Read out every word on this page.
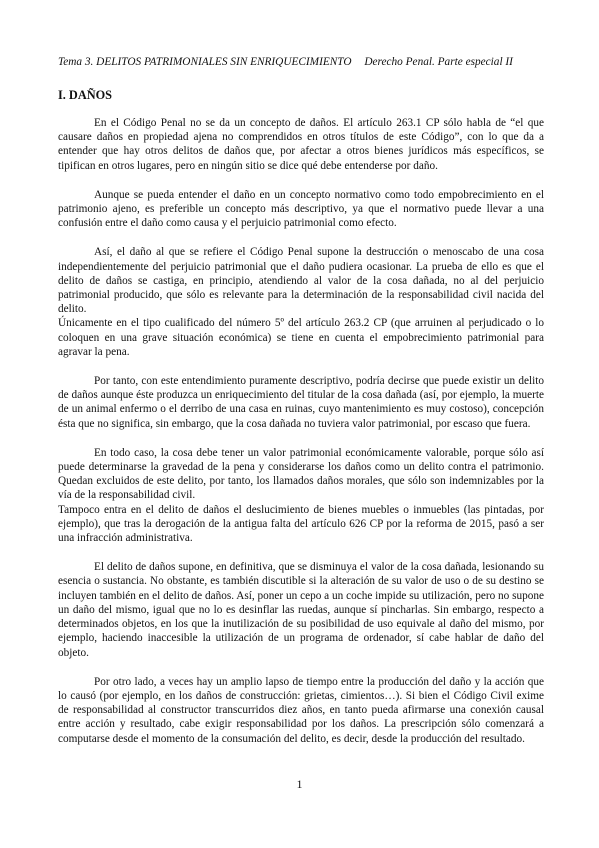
Tema 3. DELITOS PATRIMONIALES SIN ENRIQUECIMIENTO Derecho Penal. Parte especial II
I. DAÑOS

En el Código Penal no se da un concepto de daños. El artículo 263.1 CP sólo habla de “el que causare daños en propiedad ajena no comprendidos en otros títulos de este Código”, con lo que da a entender que hay otros delitos de daños que, por afectar a otros bienes jurídicos más específicos, se tipifican en otros lugares, pero en ningún sitio se dice qué debe entenderse por daño.

Aunque se pueda entender el daño en un concepto normativo como todo empobrecimiento en el patrimonio ajeno, es preferible un concepto más descriptivo, ya que el normativo puede llevar a una confusión entre el daño como causa y el perjuicio patrimonial como efecto.

Así, el daño al que se refiere el Código Penal supone la destrucción o menoscabo de una cosa independientemente del perjuicio patrimonial que el daño pudiera ocasionar. La prueba de ello es que el delito de daños se castiga, en principio, atendiendo al valor de la cosa dañada, no al del perjuicio patrimonial producido, que sólo es relevante para la determinación de la responsabilidad civil nacida del delito.

Únicamente en el tipo cualificado del número 5º del artículo 263.2 CP (que arruinen al perjudicado o lo coloquen en una grave situación económica) se tiene en cuenta el empobrecimiento patrimonial para agravar la pena.

Por tanto, con este entendimiento puramente descriptivo, podría decirse que puede existir un delito de daños aunque éste produzca un enriquecimiento del titular de la cosa dañada (así, por ejemplo, la muerte de un animal enfermo o el derribo de una casa en ruinas, cuyo mantenimiento es muy costoso), concepción ésta que no significa, sin embargo, que la cosa dañada no tuviera valor patrimonial, por escaso que fuera.

En todo caso, la cosa debe tener un valor patrimonial económicamente valorable, porque sólo así puede determinarse la gravedad de la pena y considerarse los daños como un delito contra el patrimonio. Quedan excluidos de este delito, por tanto, los llamados daños morales, que sólo son indemnizables por la vía de la responsabilidad civil.

Tampoco entra en el delito de daños el deslucimiento de bienes muebles o inmuebles (las pintadas, por ejemplo), que tras la derogación de la antigua falta del artículo 626 CP por la reforma de 2015, pasó a ser una infracción administrativa.

El delito de daños supone, en definitiva, que se disminuya el valor de la cosa dañada, lesionando su esencia o sustancia. No obstante, es también discutible si la alteración de su valor de uso o de su destino se incluyen también en el delito de daños. Así, poner un cepo a un coche impide su utilización, pero no supone un daño del mismo, igual que no lo es desinflar las ruedas, aunque sí pincharlas. Sin embargo, respecto a determinados objetos, en los que la inutilización de su posibilidad de uso equivale al daño del mismo, por ejemplo, haciendo inaccesible la utilización de un programa de ordenador, sí cabe hablar de daño del objeto.

Por otro lado, a veces hay un amplio lapso de tiempo entre la producción del daño y la acción que lo causó (por ejemplo, en los daños de construcción: grietas, cimientos…). Si bien el Código Civil exime de responsabilidad al constructor transcurridos diez años, en tanto pueda afirmarse una conexión causal entre acción y resultado, cabe exigir responsabilidad por los daños. La prescripción sólo comenzará a computarse desde el momento de la consumación del delito, es decir, desde la producción del resultado.

1
